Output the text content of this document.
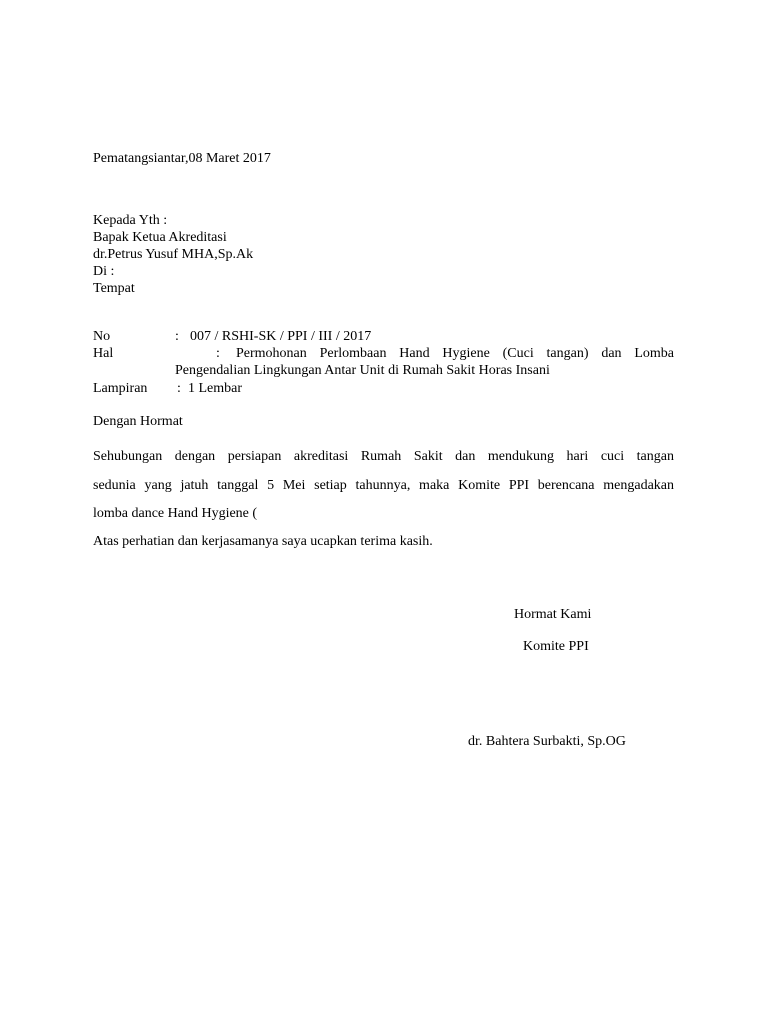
Pematangsiantar,08 Maret 2017
Kepada Yth :
Bapak Ketua Akreditasi
dr.Petrus Yusuf MHA,Sp.Ak
Di :
Tempat
No	: 007 / RSHI-SK / PPI / III / 2017
Hal	: Permohonan Perlombaan Hand Hygiene (Cuci tangan) dan Lomba
Pengendalian Lingkungan Antar Unit di Rumah Sakit Horas Insani
Lampiran : 1 Lembar
Dengan Hormat
Sehubungan dengan persiapan akreditasi Rumah Sakit dan mendukung hari cuci tangan
sedunia yang jatuh tanggal 5 Mei setiap tahunnya, maka Komite PPI berencana mengadakan
lomba dance Hand Hygiene (
Atas perhatian dan kerjasamanya saya ucapkan terima kasih.
Hormat Kami
Komite PPI
dr. Bahtera Surbakti, Sp.OG
